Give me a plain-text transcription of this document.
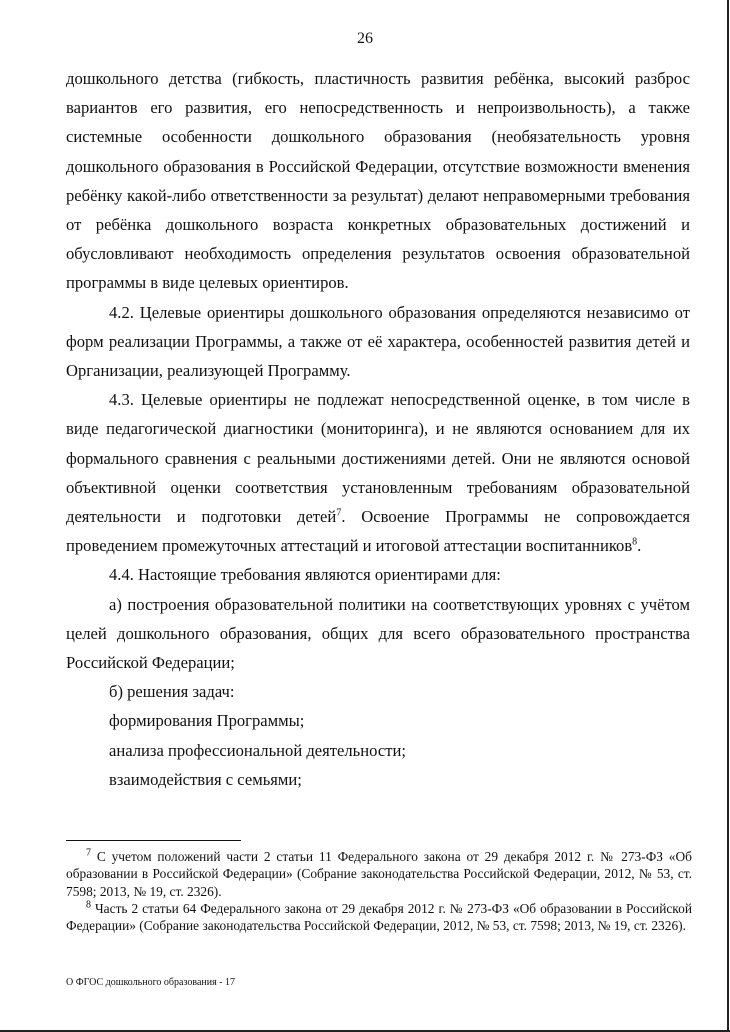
26

дошкольного детства (гибкость, пластичность развития ребёнка, высокий разброс вариантов его развития, его непосредственность и непроизвольность), а также системные особенности дошкольного образования (необязательность уровня дошкольного образования в Российской Федерации, отсутствие возможности вменения ребёнку какой-либо ответственности за результат) делают неправомерными требования от ребёнка дошкольного возраста конкретных образовательных достижений и обусловливают необходимость определения результатов освоения образовательной программы в виде целевых ориентиров.

4.2. Целевые ориентиры дошкольного образования определяются независимо от форм реализации Программы, а также от её характера, особенностей развития детей и Организации, реализующей Программу.

4.3. Целевые ориентиры не подлежат непосредственной оценке, в том числе в виде педагогической диагностики (мониторинга), и не являются основанием для их формального сравнения с реальными достижениями детей. Они не являются основой объективной оценки соответствия установленным требованиям образовательной деятельности и подготовки детей$^7$. Освоение Программы не сопровождается проведением промежуточных аттестаций и итоговой аттестации воспитанников$^8$.

4.4. Настоящие требования являются ориентирами для:

а) построения образовательной политики на соответствующих уровнях с учётом целей дошкольного образования, общих для всего образовательного пространства Российской Федерации;

б) решения задач:

формирования Программы;

анализа профессиональной деятельности;

взаимодействия с семьями;

$^7$ С учетом положений части 2 статьи 11 Федерального закона от 29 декабря 2012 г. № 273-ФЗ «Об образовании в Российской Федерации» (Собрание законодательства Российской Федерации, 2012, № 53, ст. 7598; 2013, № 19, ст. 2326).

$^8$ Часть 2 статьи 64 Федерального закона от 29 декабря 2012 г. № 273-ФЗ «Об образовании в Российской Федерации» (Собрание законодательства Российской Федерации, 2012, № 53, ст. 7598; 2013, № 19, ст. 2326).

О ФГОС дошкольного образования - 17
